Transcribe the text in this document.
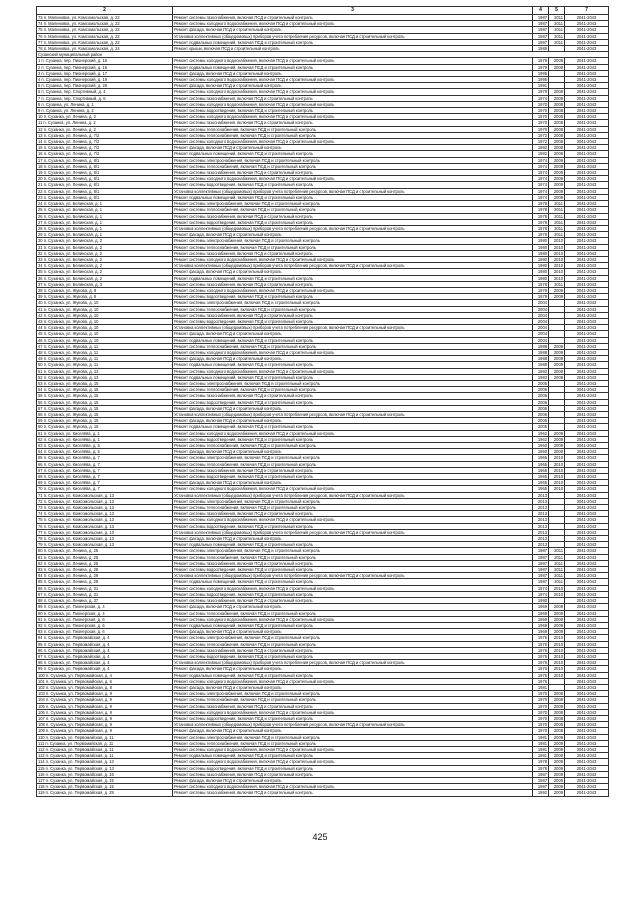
2	3	4	5	7
73 п. Малиновка, ул. Комсомольская, д. 22	Ремонт системы газоснабжения, включая ПСД и строительный контроль	1987	2011	2041-2043
74 п. Малиновка, ул. Комсомольская, д. 22	Ремонт системы холодного водоснабжения, включая ПСД и строительный контроль	1987	2011	2041-2043
75 п. Малиновка, ул. Комсомольская, д. 22	Ремонт фасада, включая ПСД и строительный контроль	1987	2011	2041-2043
76 п. Малиновка, ул. Комсомольская, д. 22	Установка коллективных (общедомовых) приборов учета потребления ресурсов, включая ПСД и строительный контроль	1987	2011	2041-2043
77 п. Малиновка, ул. Комсомольская, д. 22	Ремонт подвальных помещений, включая ПСД и строительный контроль	1987	2011	2041-2043
78 п. Малиновка, ул. Комсомольская, д. 24	Ремонт крыши, включая ПСД и строительный контроль	1989		2041-2043
Сузанский муниципальный район				
1 п. Сузанка, пер. Пионерский, д. 15	Ремонт системы холодного водоснабжения, включая ПСД и строительный контроль	1979	2009	2041-2043
2 п. Сузанка, пер. Пионерский, д. 15	Ремонт подвальных помещений, включая ПСД и строительный контроль	1979	2009	2041-2043
3 п. Сузанка, пер. Пионерский, д. 17	Ремонт фасада, включая ПСД и строительный контроль	1995		2041-2043
4 п. Сузанка, пер. Пионерский, д. 19	Ремонт системы холодного водоснабжения, включая ПСД и строительный контроль	1995		2041-2043
5 п. Сузанка, пер. Пионерский, д. 29	Ремонт фасада, включая ПСД и строительный контроль	1991		2041-2043
6 п. Сузанка, пер. Спортивный, д. 4	Ремонт системы холодного водоснабжения, включая ПСД и строительный контроль	1978	2008	2041-2043
7 п. Сузанка, пер. Спортивный, д. 6	Ремонт системы газоснабжения, включая ПСД и строительный контроль	1974	2008	2041-2043
8 п. Сузанка, ул. Ленина, д. 1	Ремонт системы холодного водоснабжения, включая ПСД и строительный контроль	1970	2008	2041-2043
9 п. Сузанка, ул. Ленина, д. 2	Ремонт системы водоотведения, включая ПСД и строительный контроль	1970	2008	2041-2043
10 п. Сузанка, ул. Ленина, д. 2	Ремонт системы холодного водоснабжения, включая ПСД и строительный контроль	1970	2008	2041-2043
11 п. Сузанка, ул. Ленина, д. 2	Ремонт системы газоснабжения, включая ПСД и строительный контроль	1970	2008	2041-2043
12 п. Сузанка, ул. Ленина, д. 2	Ремонт системы теплоснабжения, включая ПСД и строительный контроль	1970	2008	2041-2043
13 п. Сузанка, ул. Ленина, д. 7/2	Ремонт системы теплоснабжения, включая ПСД и строительный контроль	1972	2008	2041-2043
14 п. Сузанка, ул. Ленина, д. 7/2	Ремонт системы холодного водоснабжения, включая ПСД и строительный контроль	1972	2008	2041-2043
15 п. Сузанка, ул. Ленина, д. 7/2	Ремонт фасада, включая ПСД и строительный контроль	1982	2008	2041-2043
16 п. Сузанка, ул. Ленина, д. 7/2	Ремонт подвальных помещений, включая ПСД и строительный контроль	1982	2008	2041-2043
17 п. Сузанка, ул. Ленина, д. 8/1	Ремонт системы электроснабжения, включая ПСД и строительный контроль	1974	2009	2041-2043
18 п. Сузанка, ул. Ленина, д. 8/1	Ремонт системы теплоснабжения, включая ПСД и строительный контроль	1974	2009	2041-2043
19 п. Сузанка, ул. Ленина, д. 8/1	Ремонт системы газоснабжения, включая ПСД и строительный контроль	1974	2009	2041-2043
20 п. Сузанка, ул. Ленина, д. 8/1	Ремонт системы холодного водоснабжения, включая ПСД и строительный контроль	1974	2009	2041-2043
21 п. Сузанка, ул. Ленина, д. 8/1	Ремонт системы водоотведения, включая ПСД и строительный контроль	1974	2009	2041-2043
22 п. Сузанка, ул. Ленина, д. 8/1	Установка коллективных (общедомовых) приборов учета потребления ресурсов, включая ПСД и строительный контроль	1974	2009	2041-2043
23 п. Сузанка, ул. Ленина, д. 8/1	Ремонт подвальных помещений, включая ПСД и строительный контроль	1974	2009	2041-2043
24 п. Сузанка, ул. Белинская, д. 1	Ремонт системы электроснабжения, включая ПСД и строительный контроль	1978	2011	2041-2043
25 п. Сузанка, ул. Белинская, д. 1	Ремонт системы теплоснабжения, включая ПСД и строительный контроль	1978	2011	2041-2043
26 п. Сузанка, ул. Белинская, д. 1	Ремонт системы газоснабжения, включая ПСД и строительный контроль	1978	2011	2041-2043
27 п. Сузанка, ул. Белинская, д. 1	Ремонт системы водоотведения, включая ПСД и строительный контроль	1978	2011	2041-2043
28 п. Сузанка, ул. Белинская, д. 1	Установка коллективных (общедомовых) приборов учета потребления ресурсов, включая ПСД и строительный контроль	1978	2011	2041-2043
29 п. Сузанка, ул. Белинская, д. 1	Ремонт фасада, включая ПСД и строительный контроль	1978	2011	2041-2043
30 п. Сузанка, ул. Белинская, д. 2	Ремонт системы электроснабжения, включая ПСД и строительный контроль	1980	2010	2041-2043
31 п. Сузанка, ул. Белинская, д. 2	Ремонт системы теплоснабжения, включая ПСД и строительный контроль	1980	2010	2041-2043
32 п. Сузанка, ул. Белинская, д. 2	Ремонт системы газоснабжения, включая ПСД и строительный контроль	1980	2010	2041-2043
33 п. Сузанка, ул. Белинская, д. 2	Ремонт системы холодного водоснабжения, включая ПСД и строительный контроль	1980	2010	2041-2043
34 п. Сузанка, ул. Белинская, д. 2	Установка коллективных (общедомовых) приборов учета потребления ресурсов, включая ПСД и строительный контроль	1980	2010	2041-2043
35 п. Сузанка, ул. Белинская, д. 2	Ремонт фасада, включая ПСД и строительный контроль	1980	2010	2041-2043
36 п. Сузанка, ул. Белинская, д. 2	Ремонт подвальных помещений, включая ПСД и строительный контроль	1980	2010	2041-2043
37 п. Сузанка, ул. Белинская, д. 3	Ремонт системы газоснабжения, включая ПСД и строительный контроль	1978	2011	2041-2043
38 п. Сузанка, ул. Жукова, д. 8	Ремонт системы холодного водоснабжения, включая ПСД и строительный контроль	1979	2009	2041-2043
39 п. Сузанка, ул. Жукова, д. 8	Ремонт системы водоотведения, включая ПСД и строительный контроль	1979	2009	2041-2043
40 п. Сузанка, ул. Жукова, д. 10	Ремонт системы электроснабжения, включая ПСД и строительный контроль	2004		2041-2043
41 п. Сузанка, ул. Жукова, д. 10	Ремонт системы теплоснабжения, включая ПСД и строительный контроль	2004		2041-2043
42 п. Сузанка, ул. Жукова, д. 10	Ремонт системы газоснабжения, включая ПСД и строительный контроль	2004		2041-2043
43 п. Сузанка, ул. Жукова, д. 10	Ремонт системы водоотведения, включая ПСД и строительный контроль	2004		2041-2043
44 п. Сузанка, ул. Жукова, д. 10	Установка коллективных (общедомовых) приборов учета потребления ресурсов, включая ПСД и строительный контроль	2004		2041-2043
45 п. Сузанка, ул. Жукова, д. 10	Ремонт фасада, включая ПСД и строительный контроль	2004		2041-2043
46 п. Сузанка, ул. Жукова, д. 10	Ремонт подвальных помещений, включая ПСД и строительный контроль	2004		2041-2043
47 п. Сузанка, ул. Жукова, д. 11	Ремонт системы теплоснабжения, включая ПСД и строительный контроль	1988	2009	2041-2043
48 п. Сузанка, ул. Жукова, д. 11	Ремонт системы холодного водоснабжения, включая ПСД и строительный контроль	1988	2009	2041-2043
49 п. Сузанка, ул. Жукова, д. 11	Ремонт фасада, включая ПСД и строительный контроль	1988	2009	2041-2043
50 п. Сузанка, ул. Жукова, д. 11	Ремонт подвальных помещений, включая ПСД и строительный контроль	1988	2009	2041-2043
51 п. Сузанка, ул. Жукова, д. 13	Ремонт системы холодного водоснабжения, включая ПСД и строительный контроль	1983	2009	2041-2043
52 п. Сузанка, ул. Жукова, д. 13	Ремонт подвальных помещений, включая ПСД и строительный контроль	1983	2009	2041-2043
53 п. Сузанка, ул. Жукова, д. 15	Ремонт системы электроснабжения, включая ПСД и строительный контроль	2006		2041-2043
54 п. Сузанка, ул. Жукова, д. 15	Ремонт системы теплоснабжения, включая ПСД и строительный контроль	2006		2041-2043
55 п. Сузанка, ул. Жукова, д. 15	Ремонт системы газоснабжения, включая ПСД и строительный контроль	2006		2041-2043
56 п. Сузанка, ул. Жукова, д. 15	Ремонт системы водоотведения, включая ПСД и строительный контроль	2006		2041-2043
57 п. Сузанка, ул. Жукова, д. 15	Ремонт фасада, включая ПСД и строительный контроль	2006		2041-2043
58 п. Сузанка, ул. Жукова, д. 15	Установка коллективных (общедомовых) приборов учета потребления ресурсов, включая ПСД и строительный контроль	2006		2041-2043
59 п. Сузанка, ул. Жукова, д. 15	Ремонт фасада, включая ПСД и строительный контроль	2006		2041-2043
60 п. Сузанка, ул. Жукова, д. 15	Ремонт подвальных помещений, включая ПСД и строительный контроль	2006		2041-2043
61 п. Сузанка, ул. Киселёва, д. 1	Ремонт системы холодного водоснабжения, включая ПСД и строительный контроль	1962	2009	2041-2043
62 п. Сузанка, ул. Киселёва, д. 1	Ремонт системы водоотведения, включая ПСД и строительный контроль	1962	2009	2041-2043
63 п. Сузанка, ул. Киселёва, д. 5	Ремонт системы теплоснабжения, включая ПСД и строительный контроль	1960	2009	2041-2043
64 п. Сузанка, ул. Киселёва, д. 5	Ремонт фасада, включая ПСД и строительный контроль	1960	2009	2041-2043
65 п. Сузанка, ул. Киселёва, д. 7	Ремонт системы электроснабжения, включая ПСД и строительный контроль	1965	2010	2041-2043
66 п. Сузанка, ул. Киселёва, д. 7	Ремонт системы теплоснабжения, включая ПСД и строительный контроль	1965	2010	2041-2043
67 п. Сузанка, ул. Киселёва, д. 7	Ремонт системы газоснабжения, включая ПСД и строительный контроль	1965	2010	2041-2043
68 п. Сузанка, ул. Киселёва, д. 7	Ремонт системы водоотведения, включая ПСД и строительный контроль	1965	2010	2041-2043
69 п. Сузанка, ул. Киселёва, д. 7	Ремонт фасада, включая ПСД и строительный контроль	1965	2010	2041-2043
70 п. Сузанка, ул. Киселёва, д. 7	Ремонт системы холодного водоснабжения, включая ПСД и строительный контроль	1965	2010	2041-2043
71 п. Сузанка, ул. Комсомольская, д. 13	Установка коллективных (общедомовых) приборов учета потребления ресурсов, включая ПСД и строительный контроль	2013		2041-2043
72 п. Сузанка, ул. Комсомольская, д. 13	Ремонт системы электроснабжения, включая ПСД и строительный контроль	2013		2041-2043
73 п. Сузанка, ул. Комсомольская, д. 13	Ремонт системы теплоснабжения, включая ПСД и строительный контроль	2013		2041-2043
74 п. Сузанка, ул. Комсомольская, д. 13	Ремонт системы газоснабжения, включая ПСД и строительный контроль	2013		2041-2043
75 п. Сузанка, ул. Комсомольская, д. 13	Ремонт системы холодного водоснабжения, включая ПСД и строительный контроль	2013		2041-2043
76 п. Сузанка, ул. Комсомольская, д. 13	Ремонт системы водоотведения, включая ПСД и строительный контроль	2013		2041-2043
77 п. Сузанка, ул. Комсомольская, д. 13	Установка коллективных (общедомовых) приборов учета потребления ресурсов, включая ПСД и строительный контроль	2013		2041-2043
78 п. Сузанка, ул. Комсомольская, д. 13	Ремонт фасада, включая ПСД и строительный контроль	2013		2041-2043
79 п. Сузанка, ул. Комсомольская, д. 13	Ремонт подвальных помещений, включая ПСД и строительный контроль	2013		2041-2043
80 п. Сузанка, ул. Ленина, д. 25	Ремонт системы электроснабжения, включая ПСД и строительный контроль	1987	2011	2041-2043
81 п. Сузанка, ул. Ленина, д. 25	Ремонт системы теплоснабжения, включая ПСД и строительный контроль	1987	2011	2041-2043
82 п. Сузанка, ул. Ленина, д. 25	Ремонт системы газоснабжения, включая ПСД и строительный контроль	1987	2011	2041-2043
83 п. Сузанка, ул. Ленина, д. 29	Ремонт системы водоотведения, включая ПСД и строительный контроль	1987	2011	2041-2043
84 п. Сузанка, ул. Ленина, д. 29	Установка коллективных (общедомовых) приборов учета потребления ресурсов, включая ПСД и строительный контроль	1987	2011	2041-2043
85 п. Сузанка, ул. Ленина, д. 29	Ремонт подвальных помещений, включая ПСД и строительный контроль	1987	2011	2041-2043
86 п. Сузанка, ул. Ленина, д. 31	Ремонт системы холодного водоснабжения, включая ПСД и строительный контроль	1974	2010	2041-2043
87 п. Сузанка, ул. Ленина, д. 31	Ремонт системы водоотведения, включая ПСД и строительный контроль	1974	2010	2041-2043
88 п. Сузанка, ул. Ленина, д. 37	Ремонт системы газоснабжения, включая ПСД и строительный контроль	1990		2041-2043
89 п. Сузанка, ул. Пионерская, д. 4	Ремонт фасада, включая ПСД и строительный контроль	1969	2009	2041-2043
90 п. Сузанка, ул. Пионерская, д. 4	Ремонт системы теплоснабжения, включая ПСД и строительный контроль	1969	2009	2041-2043
91 п. Сузанка, ул. Пионерская, д. 6	Ремонт системы холодного водоснабжения, включая ПСД и строительный контроль	1969	2009	2041-2043
92 п. Сузанка, ул. Пионерская, д. 6	Ремонт подвальных помещений, включая ПСД и строительный контроль	1969	2009	2041-2043
93 п. Сузанка, ул. Пионерская, д. 6	Ремонт фасада, включая ПСД и строительный контроль	1969	2009	2041-2043
94 п. Сузанка, ул. Первомайская, д. 4	Ремонт системы электроснабжения, включая ПСД и строительный контроль	1976	2010	2041-2043
95 п. Сузанка, ул. Первомайская, д. 4	Ремонт системы теплоснабжения, включая ПСД и строительный контроль	1976	2010	2041-2043
96 п. Сузанка, ул. Первомайская, д. 4	Ремонт системы газоснабжения, включая ПСД и строительный контроль	1976	2010	2041-2043
97 п. Сузанка, ул. Первомайская, д. 4	Ремонт системы водоотведения, включая ПСД и строительный контроль	1976	2010	2041-2043
98 п. Сузанка, ул. Первомайская, д. 4	Установка коллективных (общедомовых) приборов учета потребления ресурсов, включая ПСД и строительный контроль	1976	2010	2041-2043
99 п. Сузанка, ул. Первомайская, д. 4	Ремонт фасада, включая ПСД и строительный контроль	1976	2010	2041-2043
100 п. Сузанка, ул. Первомайская, д. 4	Ремонт подвальных помещений, включая ПСД и строительный контроль	1976	2010	2041-2043
101 п. Сузанка, ул. Первомайская, д. 6	Ремонт системы холодного водоснабжения, включая ПСД и строительный контроль	1976		2041-2043
102 п. Сузанка, ул. Первомайская, д. 8	Ремонт фасада, включая ПСД и строительный контроль	1981		2041-2043
103 п. Сузанка, ул. Первомайская, д. 9	Ремонт системы электроснабжения, включая ПСД и строительный контроль	1970	2008	2041-2043
104 п. Сузанка, ул. Первомайская, д. 9	Ремонт системы теплоснабжения, включая ПСД и строительный контроль	1970	2008	2041-2043
105 п. Сузанка, ул. Первомайская, д. 9	Ремонт системы газоснабжения, включая ПСД и строительный контроль	1970	2008	2041-2043
106 п. Сузанка, ул. Первомайская, д. 9	Ремонт системы холодного водоснабжения, включая ПСД и строительный контроль	1970	2008	2041-2043
107 п. Сузанка, ул. Первомайская, д. 9	Ремонт системы водоотведения, включая ПСД и строительный контроль	1970	2008	2041-2043
108 п. Сузанка, ул. Первомайская, д. 9	Установка коллективных (общедомовых) приборов учета потребления ресурсов, включая ПСД и строительный контроль	1970	2008	2041-2043
109 п. Сузанка, ул. Первомайская, д. 9	Ремонт фасада, включая ПСД и строительный контроль	1970	2008	2041-2043
110 п. Сузанка, ул. Первомайская, д. 11	Ремонт системы электроснабжения, включая ПСД и строительный контроль	1981	2009	2041-2043
111 п. Сузанка, ул. Первомайская, д. 11	Ремонт системы теплоснабжения, включая ПСД и строительный контроль	1981	2009	2041-2043
112 п. Сузанка, ул. Первомайская, д. 11	Ремонт системы холодного водоснабжения, включая ПСД и строительный контроль	1981	2009	2041-2043
113 п. Сузанка, ул. Первомайская, д. 11	Ремонт подвальных помещений, включая ПСД и строительный контроль	1981	2009	2041-2043
114 п. Сузанка, ул. Первомайская, д. 13	Ремонт системы холодного водоснабжения, включая ПСД и строительный контроль	1978	2009	2041-2043
115 п. Сузанка, ул. Первомайская, д. 13	Ремонт системы водоотведения, включая ПСД и строительный контроль	1978	2009	2041-2043
116 п. Сузанка, ул. Первомайская, д. 15	Ремонт системы газоснабжения, включая ПСД и строительный контроль	1987	2009	2041-2043
117 п. Сузанка, ул. Первомайская, д. 15	Ремонт фасада, включая ПСД и строительный контроль	1987	2009	2041-2043
118 п. Сузанка, ул. Первомайская, д. 15	Ремонт системы холодного водоснабжения, включая ПСД и строительный контроль	1987	2009	2041-2043
119 п. Сузанка, ул. Первомайская, д. 29	Ремонт системы газоснабжения, включая ПСД и строительный контроль	1992	2009	2041-2043
425
